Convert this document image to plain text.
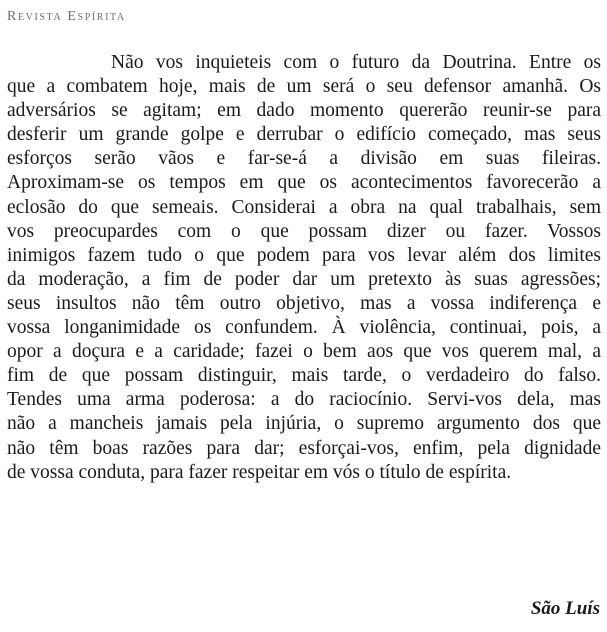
Revista Espírita
Não vos inquieteis com o futuro da Doutrina. Entre os
que a combatem hoje, mais de um será o seu defensor amanhã. Os
adversários se agitam; em dado momento quererão reunir-se para
desferir um grande golpe e derrubar o edifício começado, mas seus
esforços serão vãos e far-se-á a divisão em suas fileiras.
Aproximam-se os tempos em que os acontecimentos favorecerão a
eclosão do que semeais. Considerai a obra na qual trabalhais, sem
vos preocupardes com o que possam dizer ou fazer. Vossos
inimigos fazem tudo o que podem para vos levar além dos limites
da moderação, a fim de poder dar um pretexto às suas agressões;
seus insultos não têm outro objetivo, mas a vossa indiferença e
vossa longanimidade os confundem. À violência, continuai, pois, a
opor a doçura e a caridade; fazei o bem aos que vos querem mal, a
fim de que possam distinguir, mais tarde, o verdadeiro do falso.
Tendes uma arma poderosa: a do raciocínio. Servi-vos dela, mas
não a mancheis jamais pela injúria, o supremo argumento dos que
não têm boas razões para dar; esforçai-vos, enfim, pela dignidade
de vossa conduta, para fazer respeitar em vós o título de espírita.
São Luís
